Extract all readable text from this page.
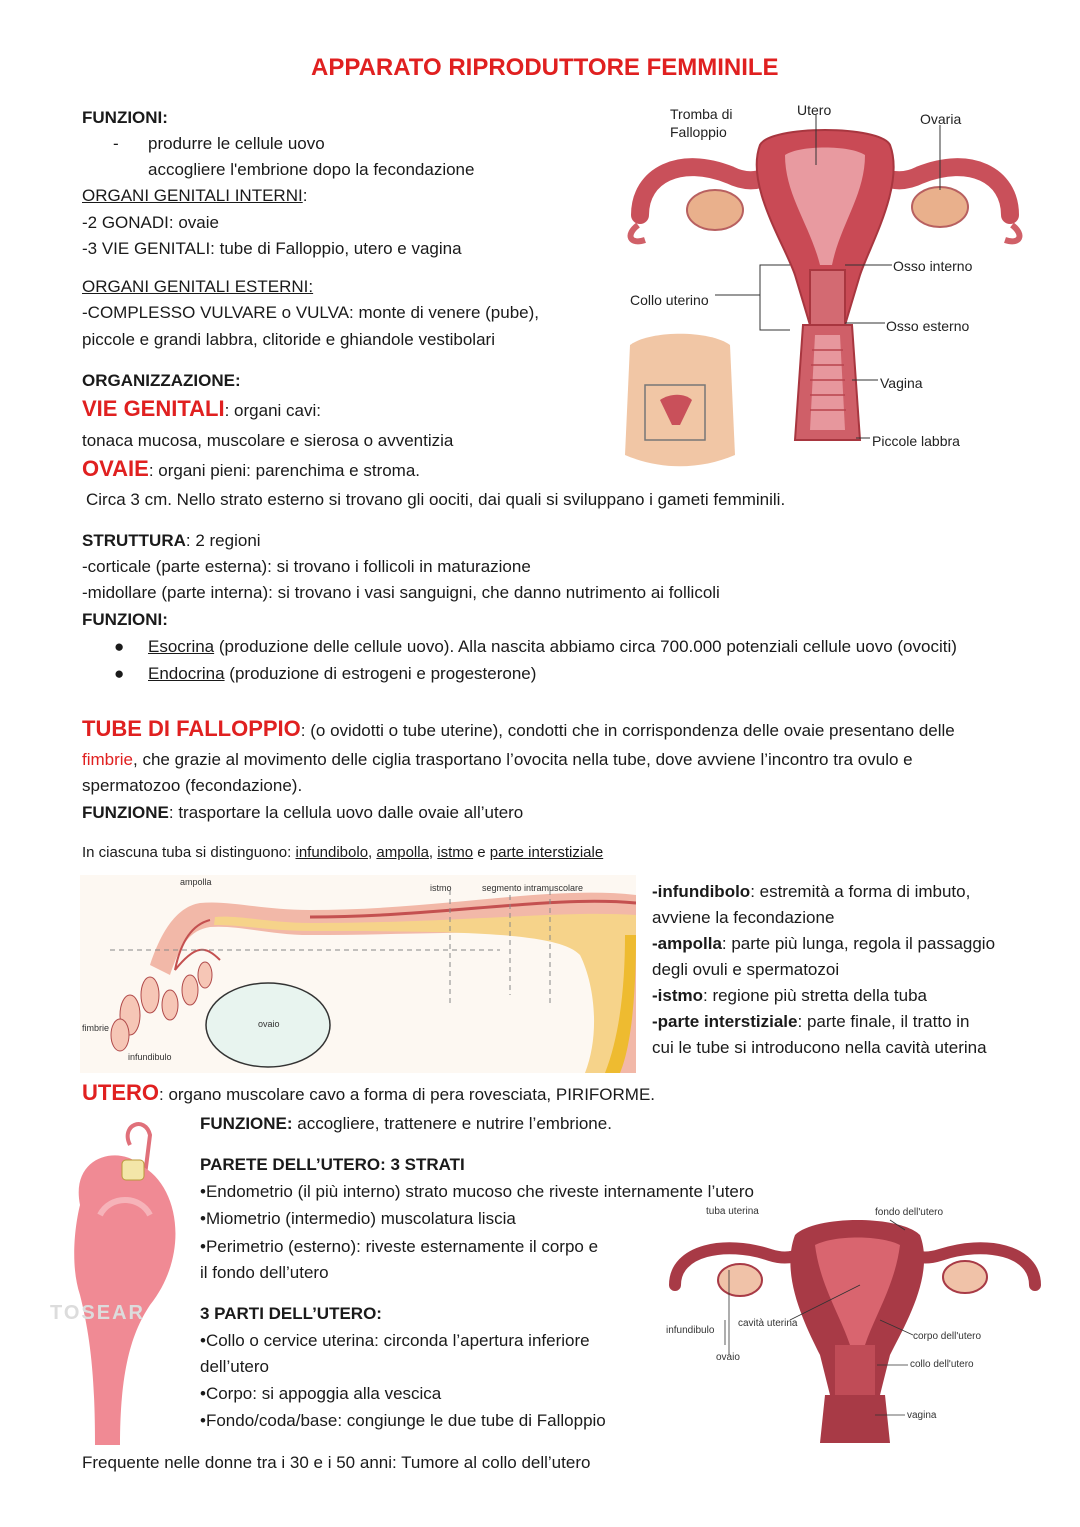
APPARATO RIPRODUTTORE FEMMINILE
FUNZIONI:
- produrre le cellule uovo
accogliere l'embrione dopo la fecondazione
ORGANI GENITALI INTERNI:
-2 GONADI: ovaie
-3 VIE GENITALI: tube di Falloppio, utero e vagina
ORGANI GENITALI ESTERNI:
-COMPLESSO VULVARE o VULVA: monte di venere (pube),
piccole e grandi labbra, clitoride e ghiandole vestibolari
ORGANIZZAZIONE:
VIE GENITALI: organi cavi:
tonaca mucosa, muscolare e sierosa o avventizia
OVAIE: organi pieni: parenchima e stroma.
Circa 3 cm. Nello strato esterno si trovano gli oociti, dai quali si sviluppano i gameti femminili.
Tromba di Falloppio
Utero
Ovaria
Osso interno
Collo uterino
Osso esterno
Vagina
Piccole labbra
STRUTTURA: 2 regioni
-corticale (parte esterna): si trovano i follicoli in maturazione
-midollare (parte interna): si trovano i vasi sanguigni, che danno nutrimento ai follicoli
FUNZIONI:
● Esocrina (produzione delle cellule uovo). Alla nascita abbiamo circa 700.000 potenziali cellule uovo (ovociti)
● Endocrina (produzione di estrogeni e progesterone)
TUBE DI FALLOPPIO: (o ovidotti o tube uterine), condotti che in corrispondenza delle ovaie presentano delle
fimbrie, che grazie al movimento delle ciglia trasportano l’ovocita nella tube, dove avviene l’incontro tra ovulo e
spermatozoo (fecondazione).
FUNZIONE: trasportare la cellula uovo dalle ovaie all’utero
In ciascuna tuba si distinguono: infundibolo, ampolla, istmo e parte interstiziale
ampolla
istmo	segmento intramuscolare
fimbrie	ovaio
infundibulo
-infundibolo: estremità a forma di imbuto,
avviene la fecondazione
-ampolla: parte più lunga, regola il passaggio
degli ovuli e spermatozoi
-istmo: regione più stretta della tuba
-parte interstiziale: parte finale, il tratto in
cui le tube si introducono nella cavità uterina
UTERO: organo muscolare cavo a forma di pera rovesciata, PIRIFORME.
FUNZIONE: accogliere, trattenere e nutrire l’embrione.
PARETE DELL’UTERO: 3 STRATI
•Endometrio (il più interno) strato mucoso che riveste internamente l’utero
•Miometrio (intermedio) muscolatura liscia
•Perimetrio (esterno): riveste esternamente il corpo e
il fondo dell’utero
3 PARTI DELL’UTERO:
•Collo o cervice uterina: circonda l’apertura inferiore
dell’utero
•Corpo: si appoggia alla vescica
•Fondo/coda/base: congiunge le due tube di Falloppio
Frequente nelle donne tra i 30 e i 50 anni: Tumore al collo dell’utero
TOSEAR
tuba uterina	fondo dell'utero
infundibulo
cavità uterina
ovaio
corpo dell'utero
collo dell'utero
vagina
